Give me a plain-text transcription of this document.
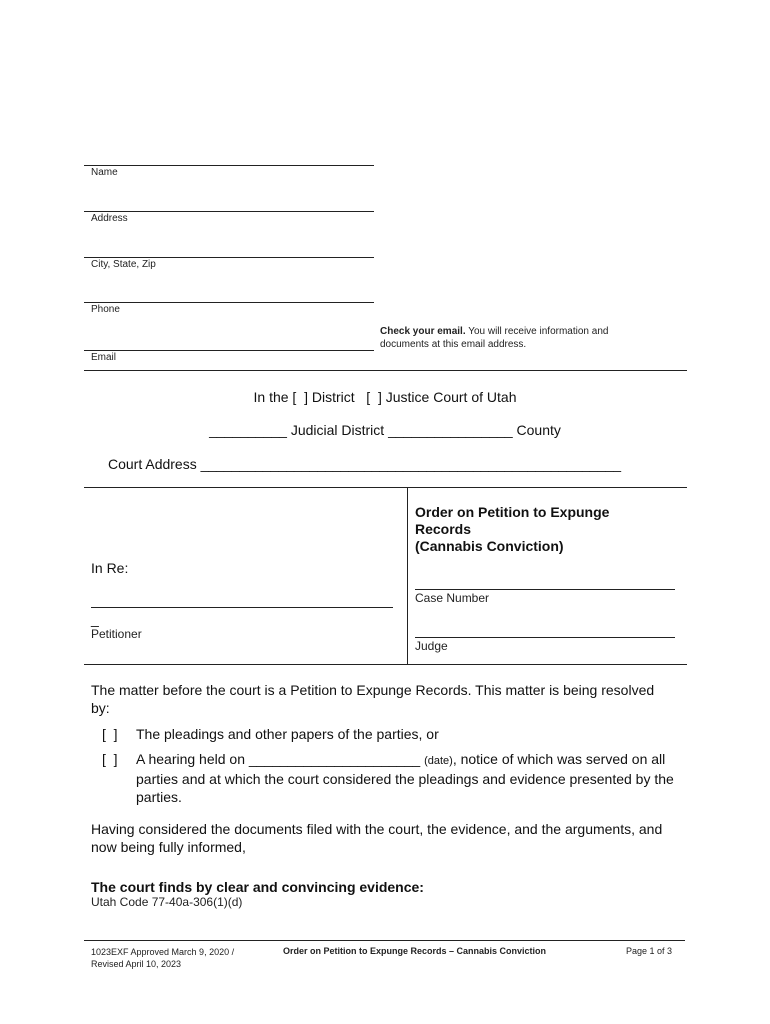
Name
Address
City, State, Zip
Phone
Check your email. You will receive information and
documents at this email address.
Email
In the [  ] District   [  ] Justice Court of Utah
__________ Judicial District ________________ County
Court Address ______________________________________________________
In Re:
_
Petitioner
Order on Petition to Expunge
Records
(Cannabis Conviction)
Case Number
Judge
The matter before the court is a Petition to Expunge Records. This matter is being resolved by:
[  ] The pleadings and other papers of the parties, or
[  ] A hearing held on ______________________ (date), notice of which was served on all parties and at which the court considered the pleadings and evidence presented by the parties.
Having considered the documents filed with the court, the evidence, and the arguments, and now being fully informed,
The court finds by clear and convincing evidence:
Utah Code 77-40a-306(1)(d)
1023EXF Approved March 9, 2020 /
Revised April 10, 2023
Order on Petition to Expunge Records – Cannabis Conviction	Page 1 of 3
